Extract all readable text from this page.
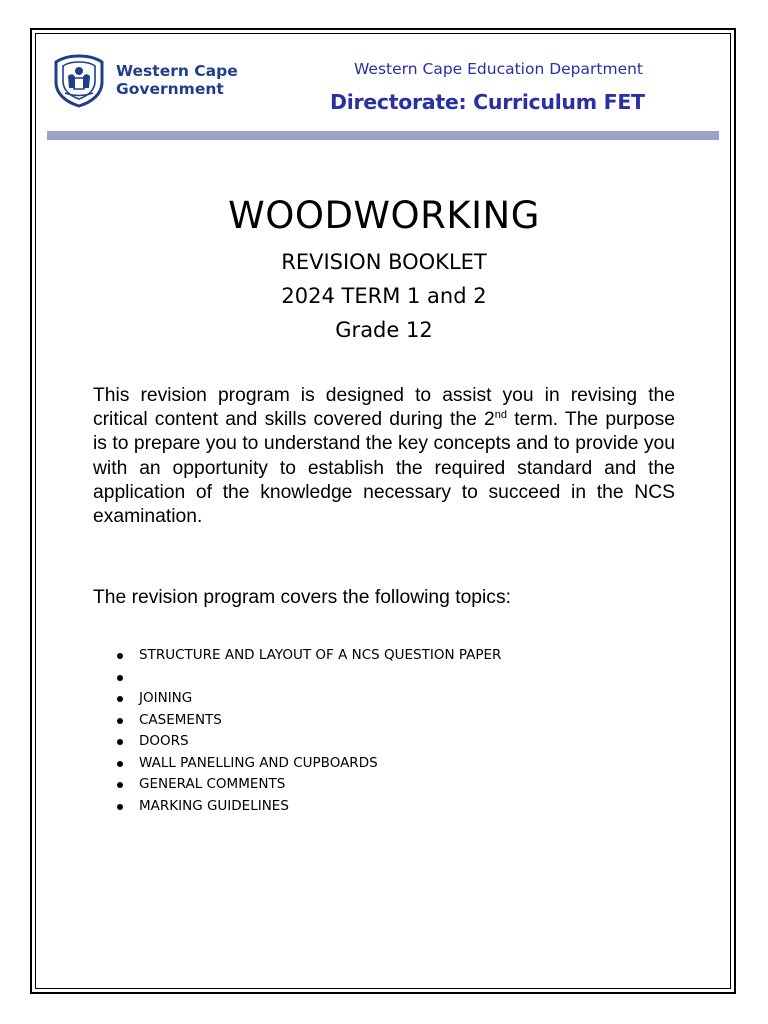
Western Cape
Government
Western Cape Education Department
Directorate: Curriculum FET
WOODWORKING
REVISION BOOKLET
2024 TERM 1 and 2
Grade 12
This revision program is designed to assist you in revising the critical content and skills covered during the 2nd term. The purpose is to prepare you to understand the key concepts and to provide you with an opportunity to establish the required standard and the application of the knowledge necessary to succeed in the NCS examination.
The revision program covers the following topics:
STRUCTURE AND LAYOUT OF A NCS QUESTION PAPER
JOINING
CASEMENTS
DOORS
WALL PANELLING AND CUPBOARDS
GENERAL COMMENTS
MARKING GUIDELINES
